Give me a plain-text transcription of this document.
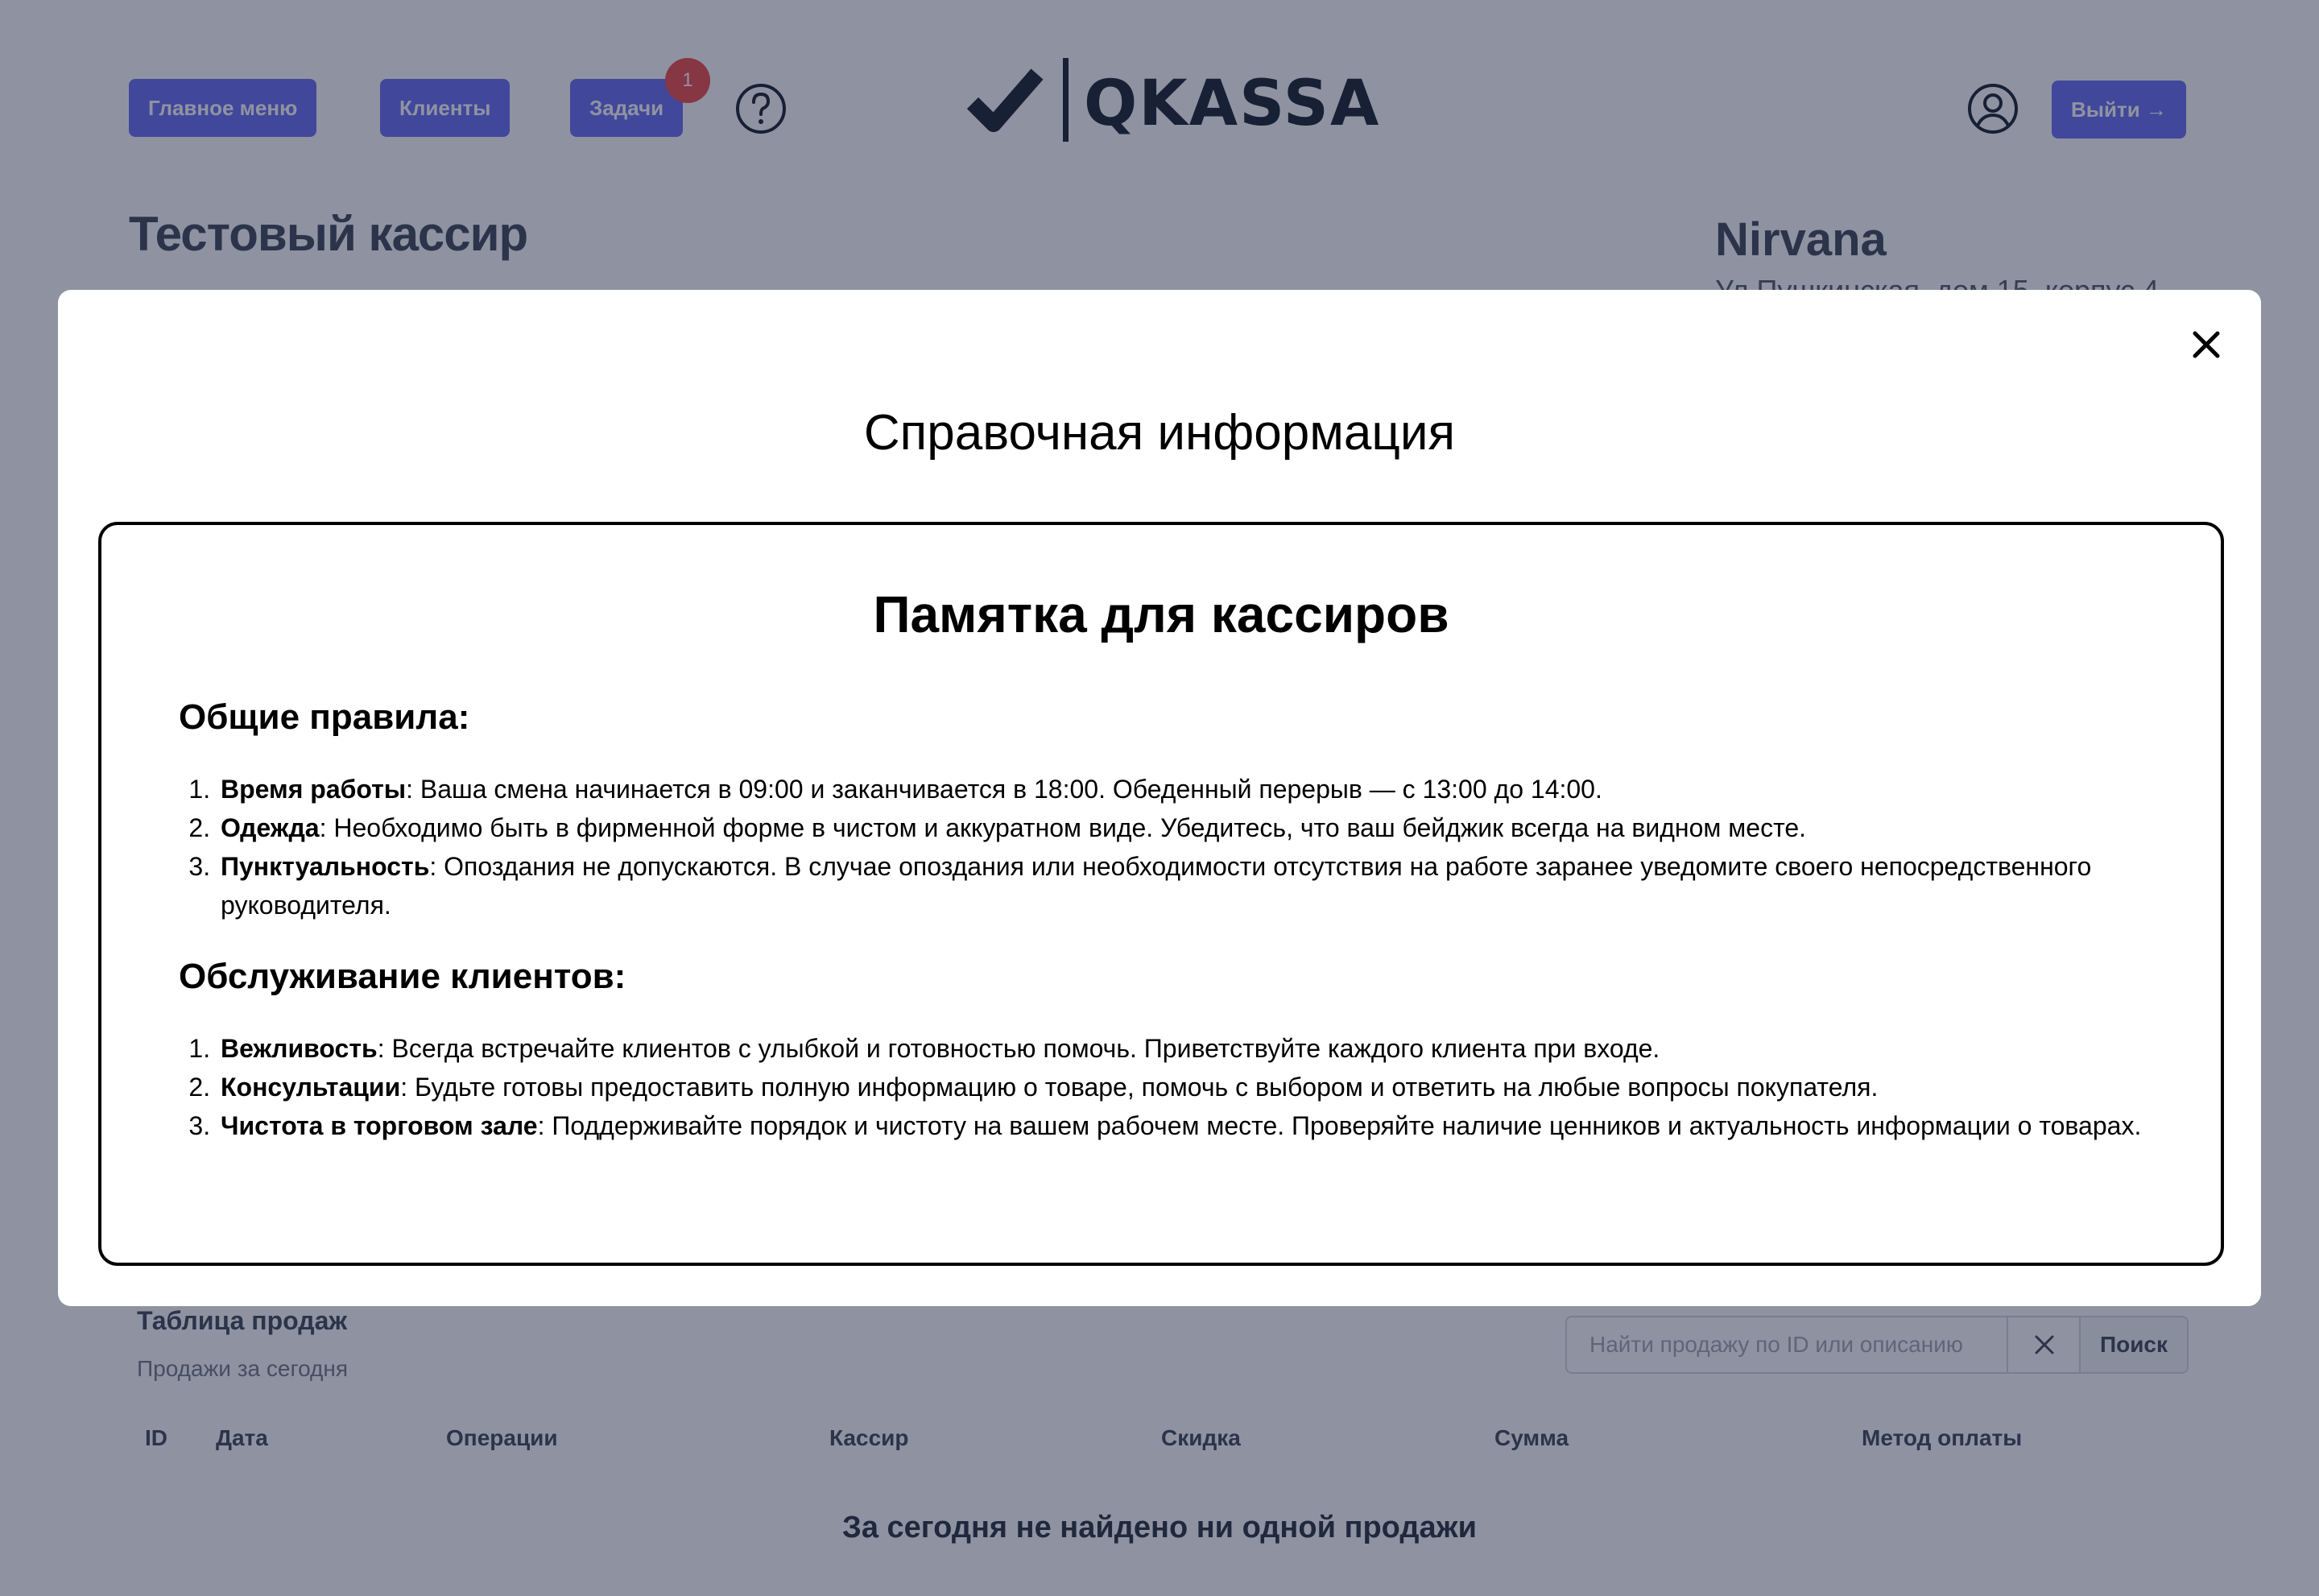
Найти продажу по ID или описанию
Справочная информация
Памятка для кассиров
Общие правила:
1. Время работы: Ваша смена начинается в 09:00 и заканчивается в 18:00. Обеденный перерыв — с 13:00 до 14:00.
2. Одежда: Необходимо быть в фирменной форме в чистом и аккуратном виде. Убедитесь, что ваш бейджик всегда на видном месте.
3. Пунктуальность: Опоздания не допускаются. В случае опоздания или необходимости отсутствия на работе заранее уведомите своего непосредственного руководителя.
Обслуживание клиентов:
1. Вежливость: Всегда встречайте клиентов с улыбкой и готовностью помочь. Приветствуйте каждого клиента при входе.
2. Консультации: Будьте готовы предоставить полную информацию о товаре, помочь с выбором и ответить на любые вопросы покупателя.
3. Чистота в торговом зале: Поддерживайте порядок и чистоту на вашем рабочем месте. Проверяйте наличие ценников и актуальность информации о товарах.
